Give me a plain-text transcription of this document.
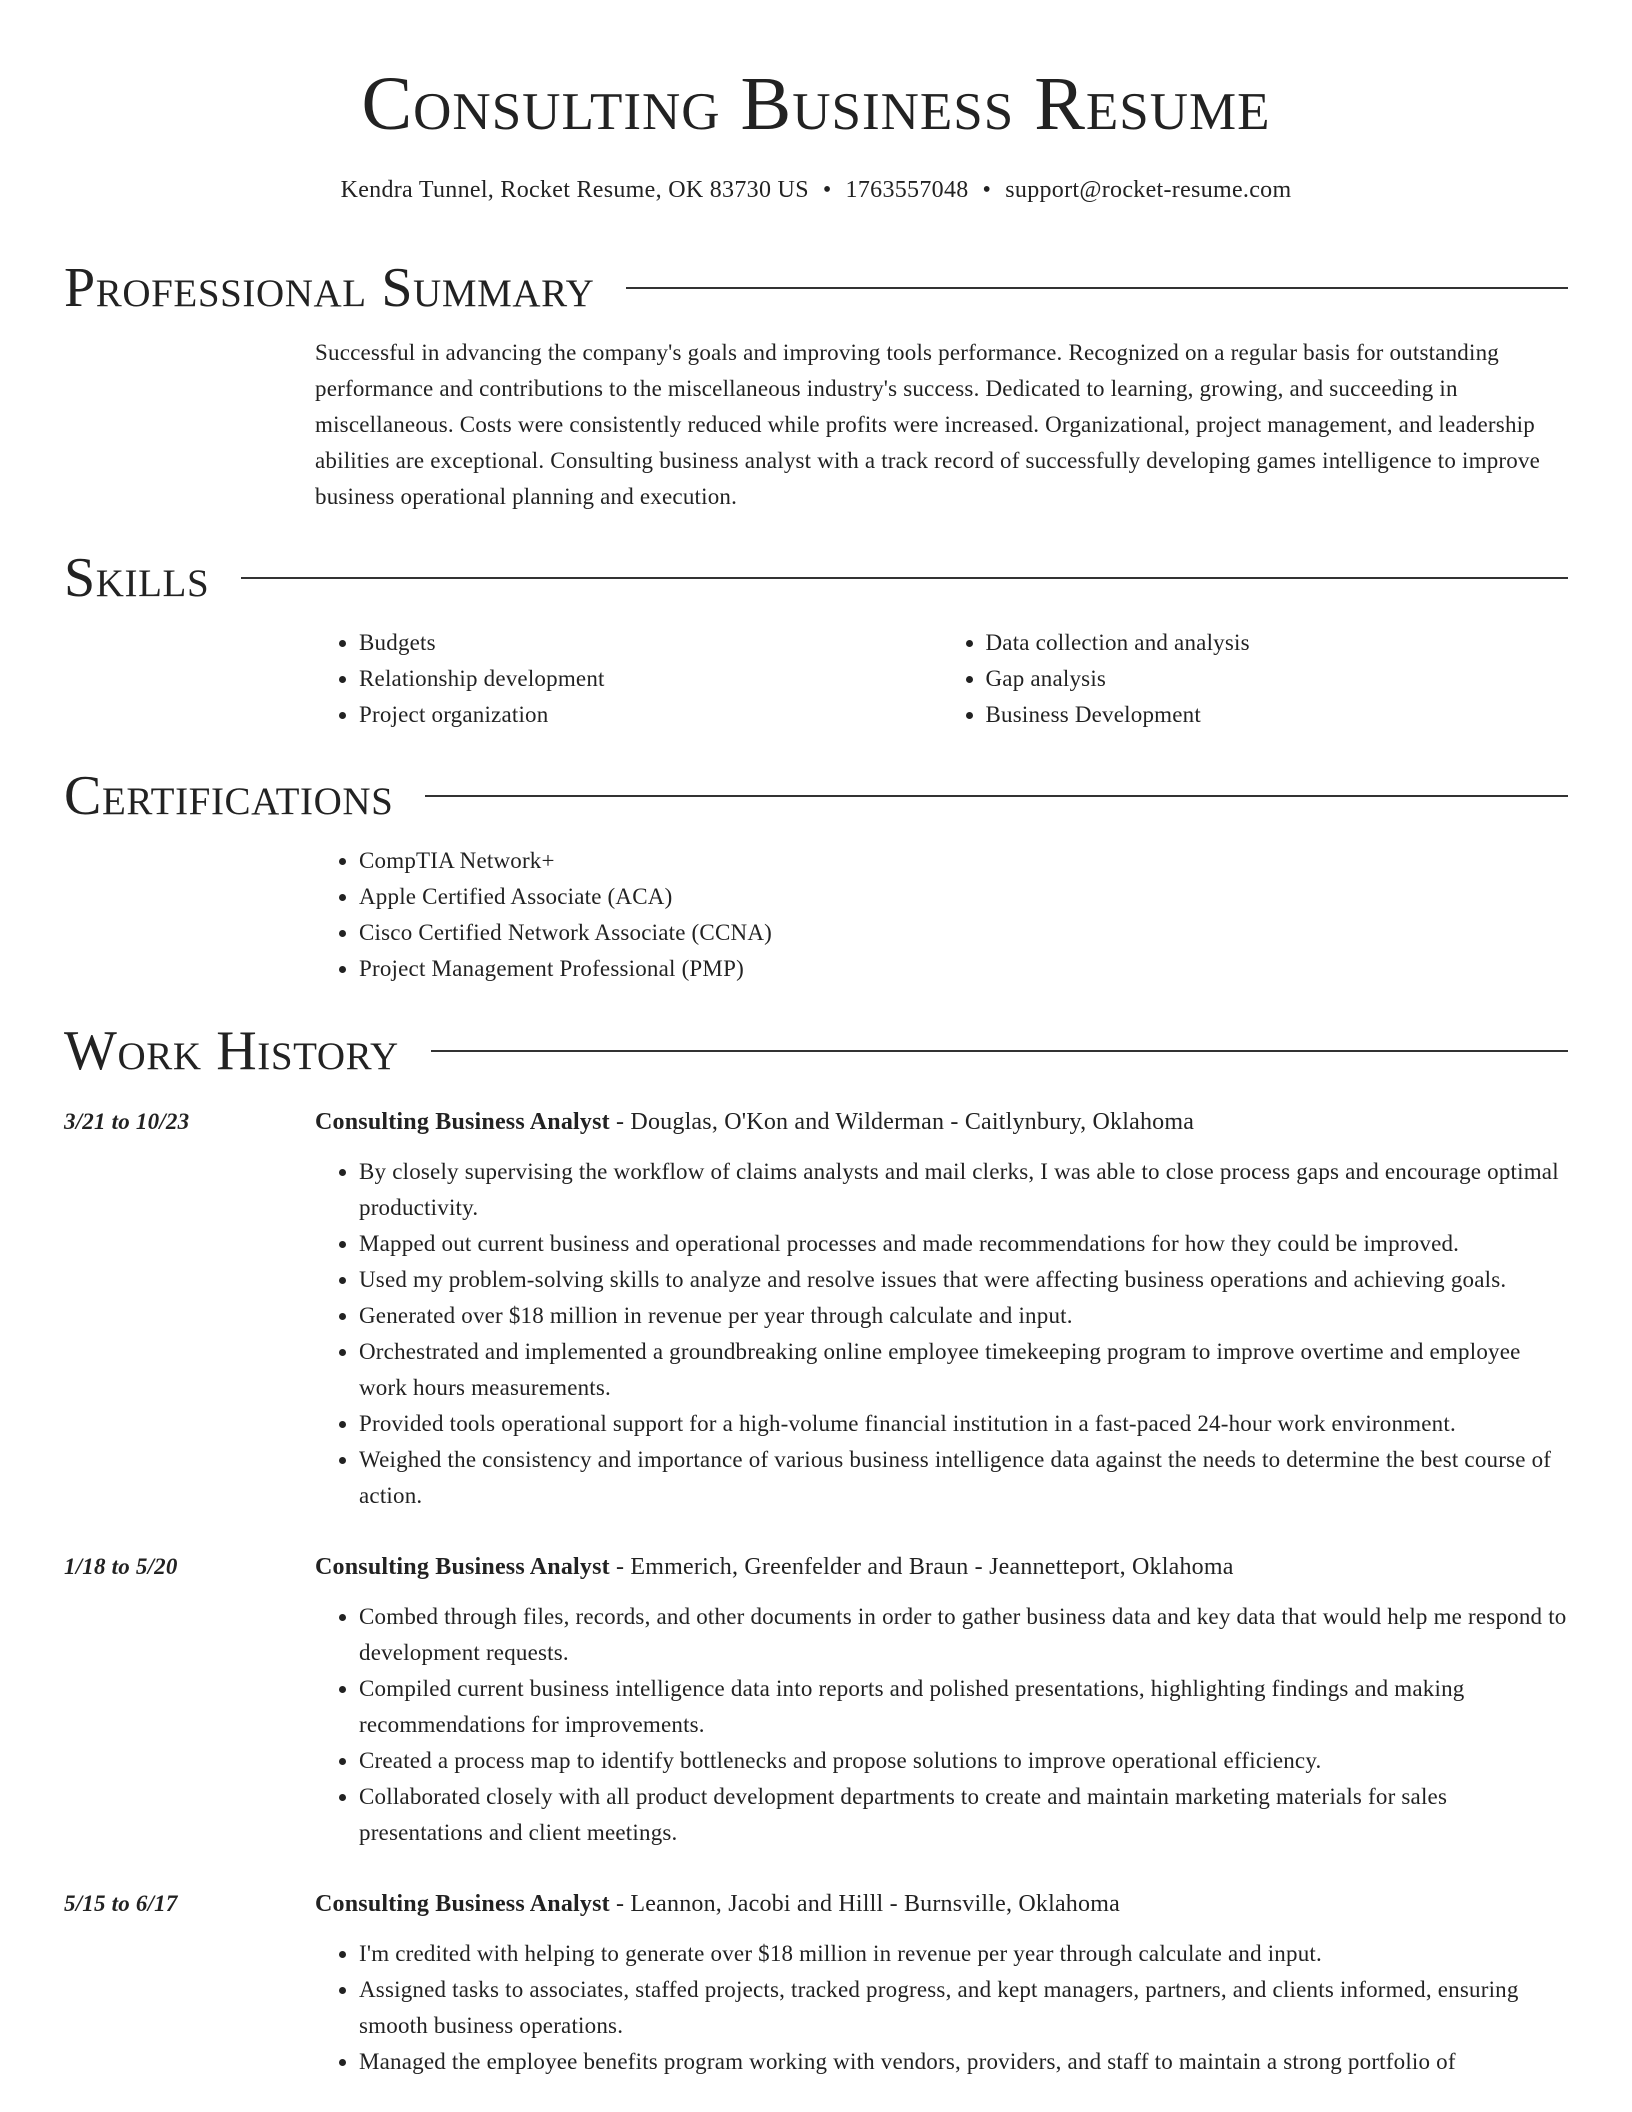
Consulting Business Resume
Kendra Tunnel, Rocket Resume, OK 83730 US • 1763557048 • support@rocket-resume.com
Professional Summary

Successful in advancing the company's goals and improving tools performance. Recognized on a regular basis for outstanding performance and contributions to the miscellaneous industry's success. Dedicated to learning, growing, and succeeding in miscellaneous. Costs were consistently reduced while profits were increased. Organizational, project management, and leadership abilities are exceptional. Consulting business analyst with a track record of successfully developing games intelligence to improve business operational planning and execution.

Skills
• Budgets
• Relationship development
• Project organization
• Data collection and analysis
• Gap analysis
• Business Development
Certifications
• CompTIA Network+
• Apple Certified Associate (ACA)
• Cisco Certified Network Associate (CCNA)
• Project Management Professional (PMP)
Work History
3/21 to 10/23	Consulting Business Analyst - Douglas, O'Kon and Wilderman - Caitlynbury, Oklahoma
• By closely supervising the workflow of claims analysts and mail clerks, I was able to close process gaps and encourage optimal productivity.
• Mapped out current business and operational processes and made recommendations for how they could be improved.
• Used my problem-solving skills to analyze and resolve issues that were affecting business operations and achieving goals.
• Generated over $18 million in revenue per year through calculate and input.
• Orchestrated and implemented a groundbreaking online employee timekeeping program to improve overtime and employee work hours measurements.
• Provided tools operational support for a high-volume financial institution in a fast-paced 24-hour work environment.
• Weighed the consistency and importance of various business intelligence data against the needs to determine the best course of action.
1/18 to 5/20	Consulting Business Analyst - Emmerich, Greenfelder and Braun - Jeannetteport, Oklahoma
• Combed through files, records, and other documents in order to gather business data and key data that would help me respond to development requests.
• Compiled current business intelligence data into reports and polished presentations, highlighting findings and making recommendations for improvements.
• Created a process map to identify bottlenecks and propose solutions to improve operational efficiency.
• Collaborated closely with all product development departments to create and maintain marketing materials for sales presentations and client meetings.
5/15 to 6/17	Consulting Business Analyst - Leannon, Jacobi and Hilll - Burnsville, Oklahoma
• I'm credited with helping to generate over $18 million in revenue per year through calculate and input.
• Assigned tasks to associates, staffed projects, tracked progress, and kept managers, partners, and clients informed, ensuring smooth business operations.
• Managed the employee benefits program working with vendors, providers, and staff to maintain a strong portfolio of
